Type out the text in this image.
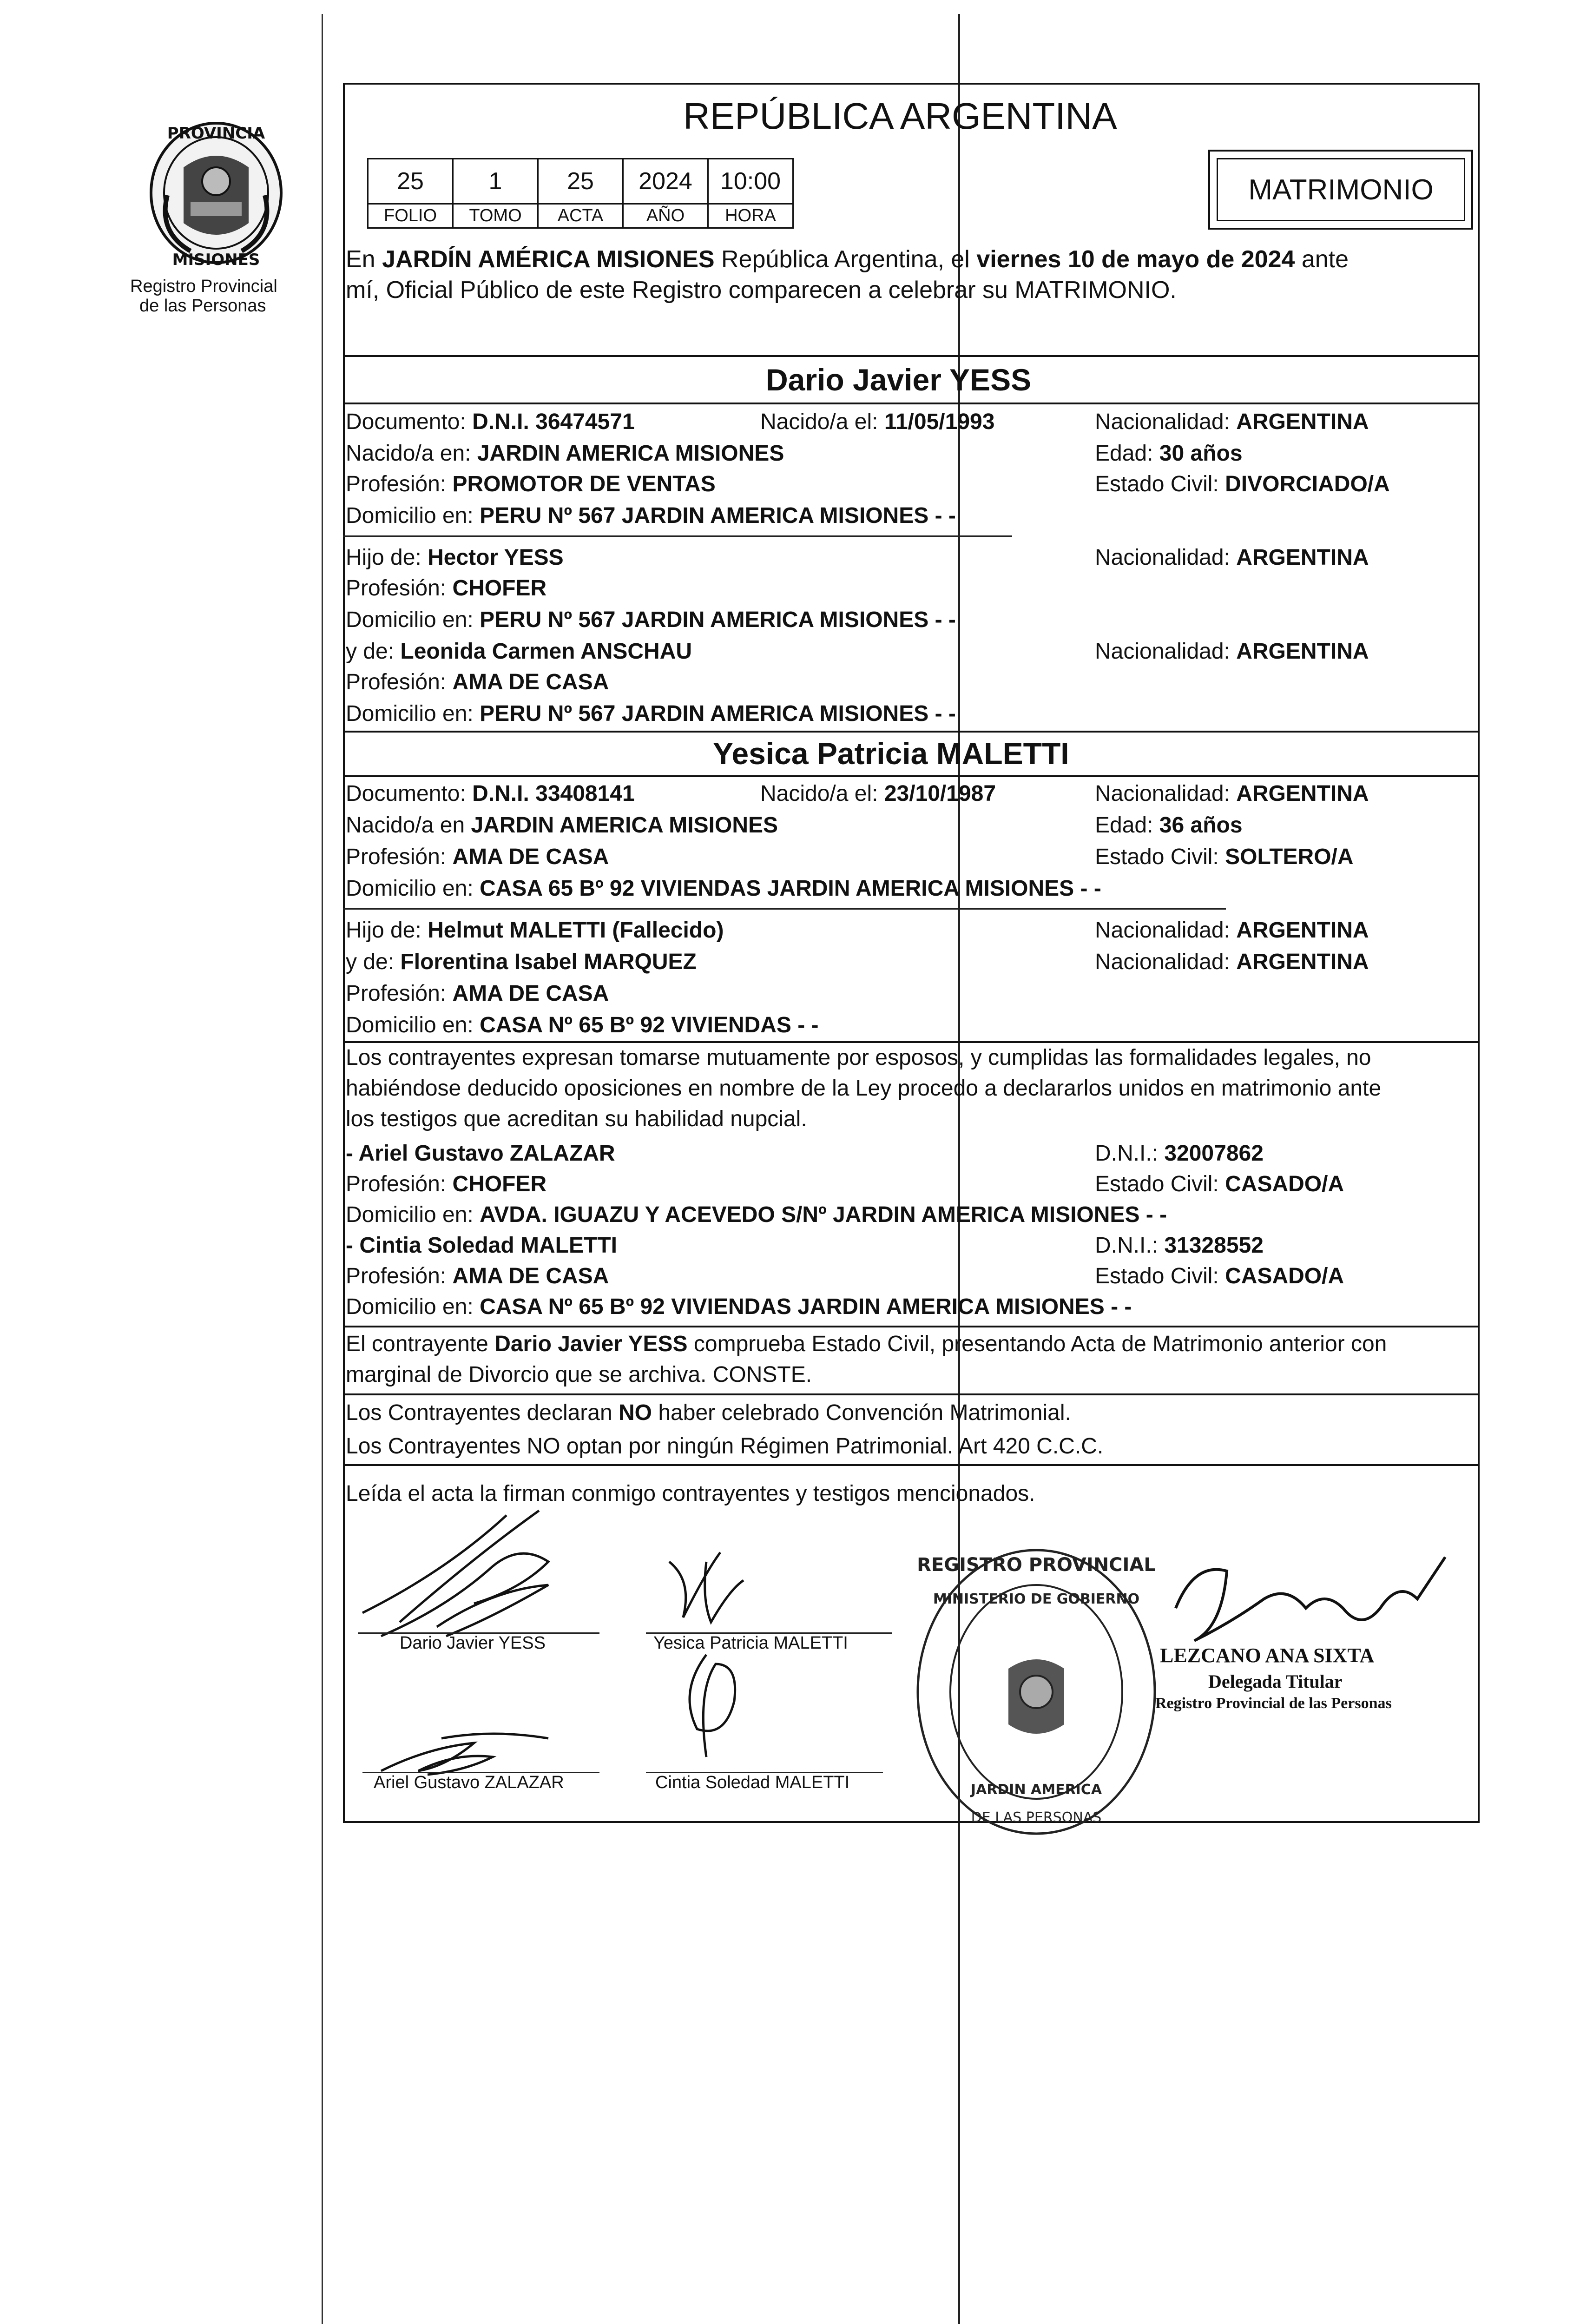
PROVINCIA
MISIONES
Registro Provincial
de las Personas
REPÚBLICA ARGENTINA
25	1	25 2024 10:00
FOLIO TOMO ACTA AÑO HORA
MATRIMONIO
En JARDÍN AMÉRICA MISIONES República Argentina, el viernes 10 de mayo de 2024 ante
mí, Oficial Público de este Registro comparecen a celebrar su MATRIMONIO.
Dario Javier YESS
Documento: D.N.I. 36474571	Nacido/a el: 11/05/1993	Nacionalidad: ARGENTINA
Nacido/a en: JARDIN AMERICA MISIONES	Edad: 30 años
Profesión: PROMOTOR DE VENTAS	Estado Civil: DIVORCIADO/A
Domicilio en: PERU Nº 567 JARDIN AMERICA MISIONES - -
Hijo de: Hector YESS	Nacionalidad: ARGENTINA
Profesión: CHOFER
Domicilio en: PERU Nº 567 JARDIN AMERICA MISIONES - -
y de: Leonida Carmen ANSCHAU	Nacionalidad: ARGENTINA
Profesión: AMA DE CASA
Domicilio en: PERU Nº 567 JARDIN AMERICA MISIONES - -
Yesica Patricia MALETTI
Documento: D.N.I. 33408141	Nacido/a el: 23/10/1987	Nacionalidad: ARGENTINA
Nacido/a en JARDIN AMERICA MISIONES	Edad: 36 años
Profesión: AMA DE CASA	Estado Civil: SOLTERO/A
Domicilio en: CASA 65 Bº 92 VIVIENDAS JARDIN AMERICA MISIONES - -
Hijo de: Helmut MALETTI (Fallecido)	Nacionalidad: ARGENTINA
y de: Florentina Isabel MARQUEZ	Nacionalidad: ARGENTINA
Profesión: AMA DE CASA
Domicilio en: CASA Nº 65 Bº 92 VIVIENDAS - -
Los contrayentes expresan tomarse mutuamente por esposos, y cumplidas las formalidades legales, no
habiéndose deducido oposiciones en nombre de la Ley procedo a declararlos unidos en matrimonio ante
los testigos que acreditan su habilidad nupcial.
- Ariel Gustavo ZALAZAR	D.N.I.: 32007862
Profesión: CHOFER	Estado Civil: CASADO/A
Domicilio en: AVDA. IGUAZU Y ACEVEDO S/Nº JARDIN AMERICA MISIONES - -
- Cintia Soledad MALETTI	D.N.I.: 31328552
Profesión: AMA DE CASA	Estado Civil: CASADO/A
Domicilio en: CASA Nº 65 Bº 92 VIVIENDAS JARDIN AMERICA MISIONES - -
El contrayente Dario Javier YESS comprueba Estado Civil, presentando Acta de Matrimonio anterior con
marginal de Divorcio que se archiva. CONSTE.
Los Contrayentes declaran NO haber celebrado Convención Matrimonial.
Los Contrayentes NO optan por ningún Régimen Patrimonial. Art 420 C.C.C.
Leída el acta la firman conmigo contrayentes y testigos mencionados.
Dario Javier YESS	Yesica Patricia MALETTI
Ariel Gustavo ZALAZAR	Cintia Soledad MALETTI
REGISTRO PROVINCIAL
MINISTERIO DE GOBIERNO
JARDIN AMERICA
DE LAS PERSONAS
LEZCANO ANA SIXTA
Delegada Titular
Registro Provincial de las Personas
